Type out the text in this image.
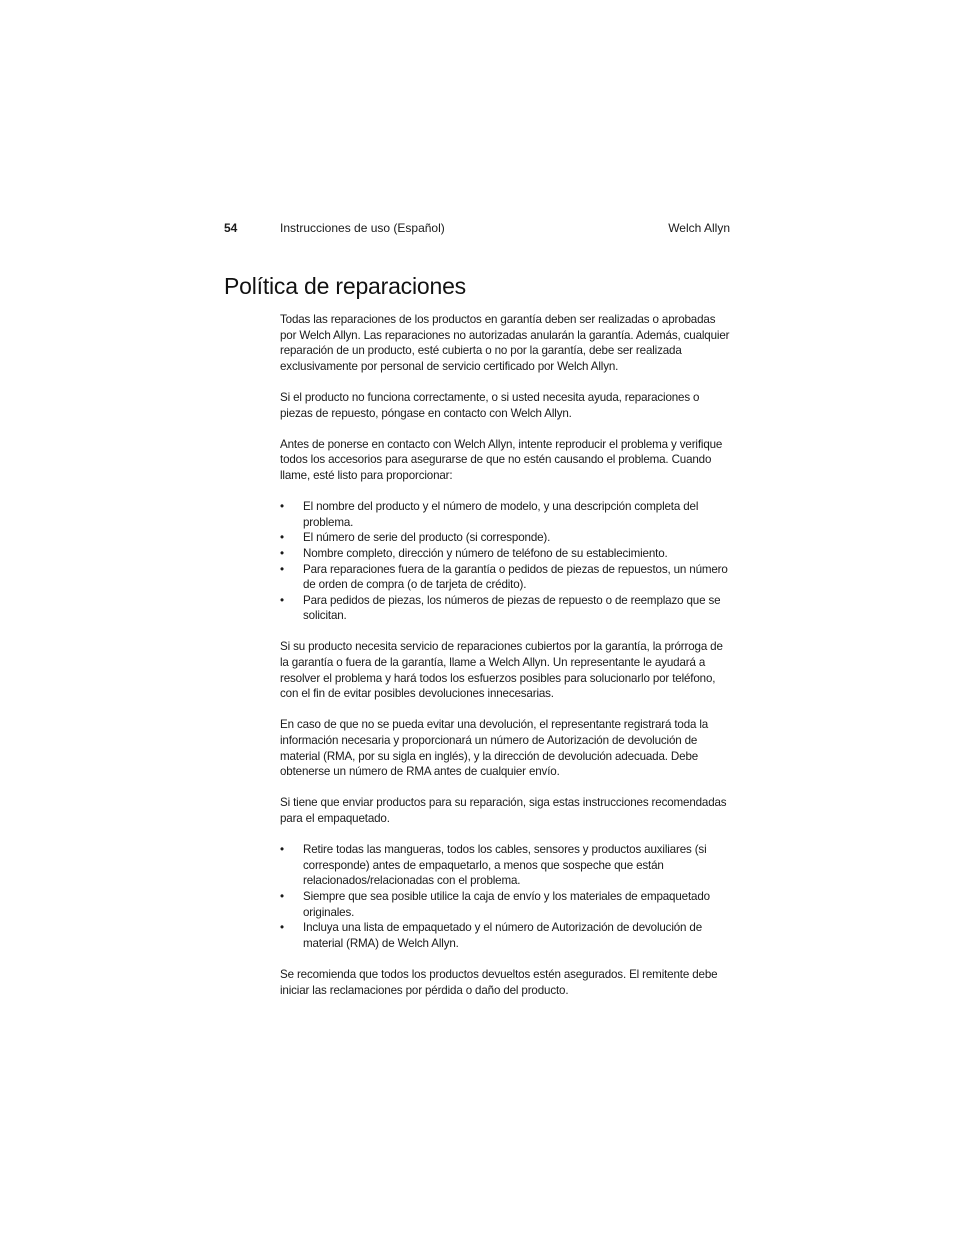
54	Instrucciones de uso (Español)	Welch Allyn
Política de reparaciones

Todas las reparaciones de los productos en garantía deben ser realizadas o aprobadas por Welch Allyn. Las reparaciones no autorizadas anularán la garantía. Además, cualquier reparación de un producto, esté cubierta o no por la garantía, debe ser realizada exclusivamente por personal de servicio certificado por Welch Allyn.

Si el producto no funciona correctamente, o si usted necesita ayuda, reparaciones o piezas de repuesto, póngase en contacto con Welch Allyn.

Antes de ponerse en contacto con Welch Allyn, intente reproducir el problema y verifique todos los accesorios para asegurarse de que no estén causando el problema. Cuando llame, esté listo para proporcionar:

• El nombre del producto y el número de modelo, y una descripción completa del problema.
• El número de serie del producto (si corresponde).
• Nombre completo, dirección y número de teléfono de su establecimiento.
• Para reparaciones fuera de la garantía o pedidos de piezas de repuestos, un número de orden de compra (o de tarjeta de crédito).
• Para pedidos de piezas, los números de piezas de repuesto o de reemplazo que se solicitan.

Si su producto necesita servicio de reparaciones cubiertos por la garantía, la prórroga de la garantía o fuera de la garantía, llame a Welch Allyn. Un representante le ayudará a resolver el problema y hará todos los esfuerzos posibles para solucionarlo por teléfono, con el fin de evitar posibles devoluciones innecesarias.

En caso de que no se pueda evitar una devolución, el representante registrará toda la información necesaria y proporcionará un número de Autorización de devolución de material (RMA, por su sigla en inglés), y la dirección de devolución adecuada. Debe obtenerse un número de RMA antes de cualquier envío.

Si tiene que enviar productos para su reparación, siga estas instrucciones recomendadas para el empaquetado.

• Retire todas las mangueras, todos los cables, sensores y productos auxiliares (si corresponde) antes de empaquetarlo, a menos que sospeche que están relacionados/relacionadas con el problema.
• Siempre que sea posible utilice la caja de envío y los materiales de empaquetado originales.
• Incluya una lista de empaquetado y el número de Autorización de devolución de material (RMA) de Welch Allyn.

Se recomienda que todos los productos devueltos estén asegurados. El remitente debe iniciar las reclamaciones por pérdida o daño del producto.
